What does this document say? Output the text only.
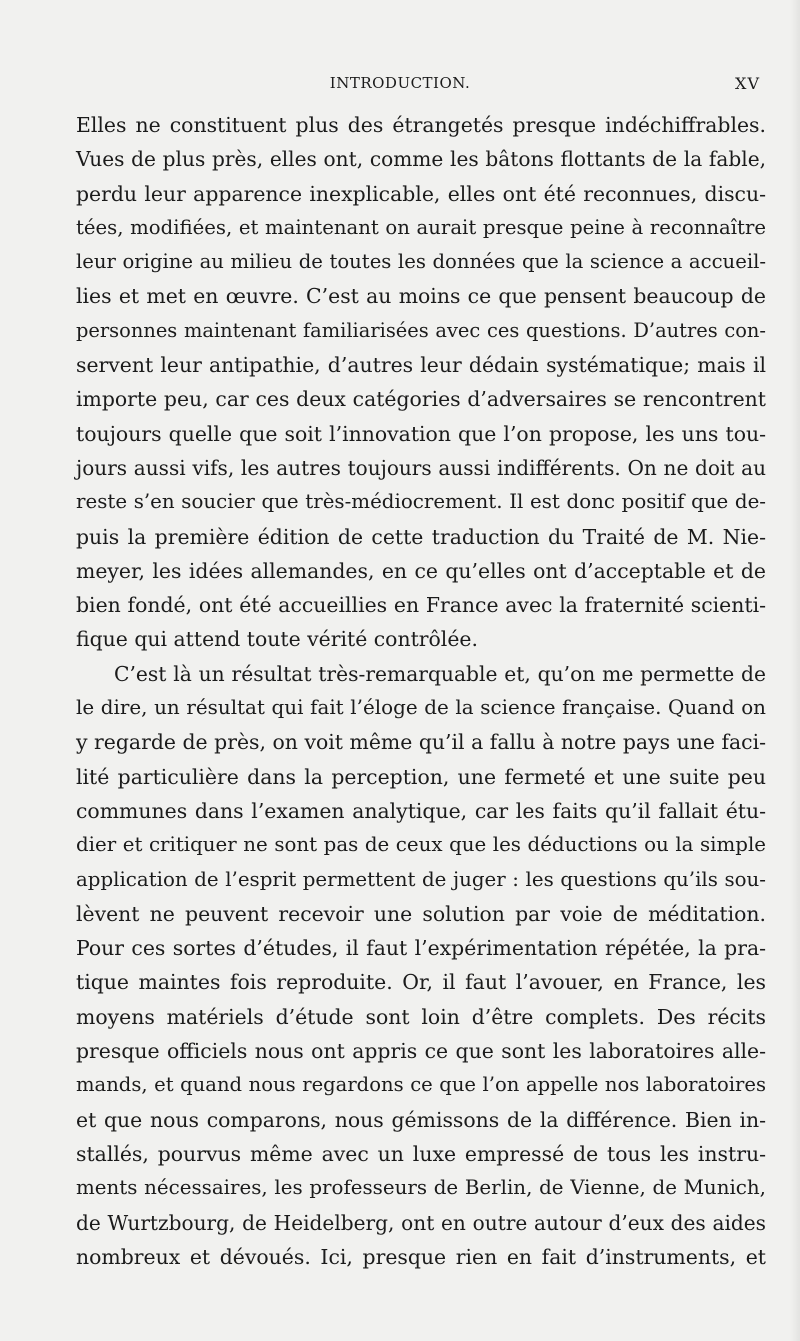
INTRODUCTION.	XV
Elles ne constituent plus des étrangetés presque indéchiffrables.
Vues de plus près, elles ont, comme les bâtons flottants de la fable,
perdu leur apparence inexplicable, elles ont été reconnues, discu-
tées, modifiées, et maintenant on aurait presque peine à reconnaître
leur origine au milieu de toutes les données que la science a accueil-
lies et met en œuvre. C’est au moins ce que pensent beaucoup de
personnes maintenant familiarisées avec ces questions. D’autres con-
servent leur antipathie, d’autres leur dédain systématique; mais il
importe peu, car ces deux catégories d’adversaires se rencontrent
toujours quelle que soit l’innovation que l’on propose, les uns tou-
jours aussi vifs, les autres toujours aussi indifférents. On ne doit au
reste s’en soucier que très-médiocrement. Il est donc positif que de-
puis la première édition de cette traduction du Traité de M. Nie-
meyer, les idées allemandes, en ce qu’elles ont d’acceptable et de
bien fondé, ont été accueillies en France avec la fraternité scienti-
fique qui attend toute vérité contrôlée.
C’est là un résultat très-remarquable et, qu’on me permette de
le dire, un résultat qui fait l’éloge de la science française. Quand on
y regarde de près, on voit même qu’il a fallu à notre pays une faci-
lité particulière dans la perception, une fermeté et une suite peu
communes dans l’examen analytique, car les faits qu’il fallait étu-
dier et critiquer ne sont pas de ceux que les déductions ou la simple
application de l’esprit permettent de juger : les questions qu’ils sou-
lèvent ne peuvent recevoir une solution par voie de méditation.
Pour ces sortes d’études, il faut l’expérimentation répétée, la pra-
tique maintes fois reproduite. Or, il faut l’avouer, en France, les
moyens matériels d’étude sont loin d’être complets. Des récits
presque officiels nous ont appris ce que sont les laboratoires alle-
mands, et quand nous regardons ce que l’on appelle nos laboratoires
et que nous comparons, nous gémissons de la différence. Bien in-
stallés, pourvus même avec un luxe empressé de tous les instru-
ments nécessaires, les professeurs de Berlin, de Vienne, de Munich,
de Wurtzbourg, de Heidelberg, ont en outre autour d’eux des aides
nombreux et dévoués. Ici, presque rien en fait d’instruments, et
